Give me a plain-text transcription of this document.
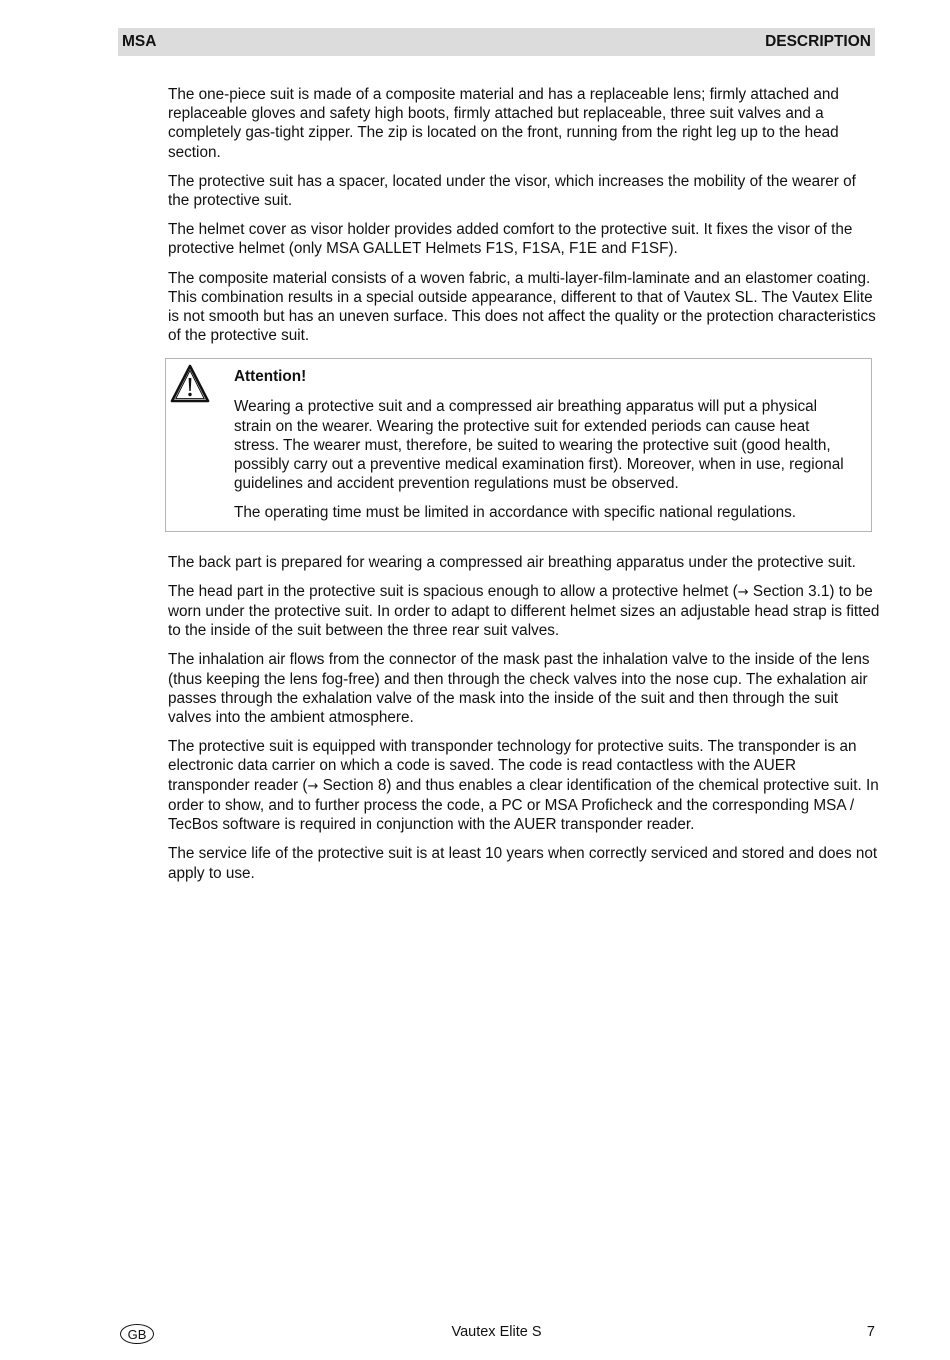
MSA	DESCRIPTION

The one-piece suit is made of a composite material and has a replaceable lens; firmly attached and replaceable gloves and safety high boots, firmly attached but replaceable, three suit valves and a completely gas-tight zipper. The zip is located on the front, running from the right leg up to the head section.

The protective suit has a spacer, located under the visor, which increases the mobility of the wearer of the protective suit.

The helmet cover as visor holder provides added comfort to the protective suit. It fixes the visor of the protective helmet (only MSA GALLET Helmets F1S, F1SA, F1E and F1SF).

The composite material consists of a woven fabric, a multi-layer-film-laminate and an elastomer coating. This combination results in a special outside appearance, different to that of Vautex SL. The Vautex Elite is not smooth but has an uneven surface. This does not affect the quality or the protection characteristics of the protective suit.

Attention!

Wearing a protective suit and a compressed air breathing apparatus will put a physical strain on the wearer. Wearing the protective suit for extended periods can cause heat stress. The wearer must, therefore, be suited to wearing the protective suit (good health, possibly carry out a preventive medical examination first). Moreover, when in use, regional guidelines and accident prevention regulations must be observed.

The operating time must be limited in accordance with specific national regulations.

The back part is prepared for wearing a compressed air breathing apparatus under the protective suit.

The head part in the protective suit is spacious enough to allow a protective helmet (→ Section 3.1) to be worn under the protective suit. In order to adapt to different helmet sizes an adjustable head strap is fitted to the inside of the suit between the three rear suit valves.

The inhalation air flows from the connector of the mask past the inhalation valve to the inside of the lens (thus keeping the lens fog-free) and then through the check valves into the nose cup. The exhalation air passes through the exhalation valve of the mask into the inside of the suit and then through the suit valves into the ambient atmosphere.

The protective suit is equipped with transponder technology for protective suits. The transponder is an electronic data carrier on which a code is saved. The code is read contactless with the AUER transponder reader (→ Section 8) and thus enables a clear identification of the chemical protective suit. In order to show, and to further process the code, a PC or MSA Proficheck and the corresponding MSA / TecBos software is required in conjunction with the AUER transponder reader.

The service life of the protective suit is at least 10 years when correctly serviced and stored and does not apply to use.

GB	Vautex Elite S	7
